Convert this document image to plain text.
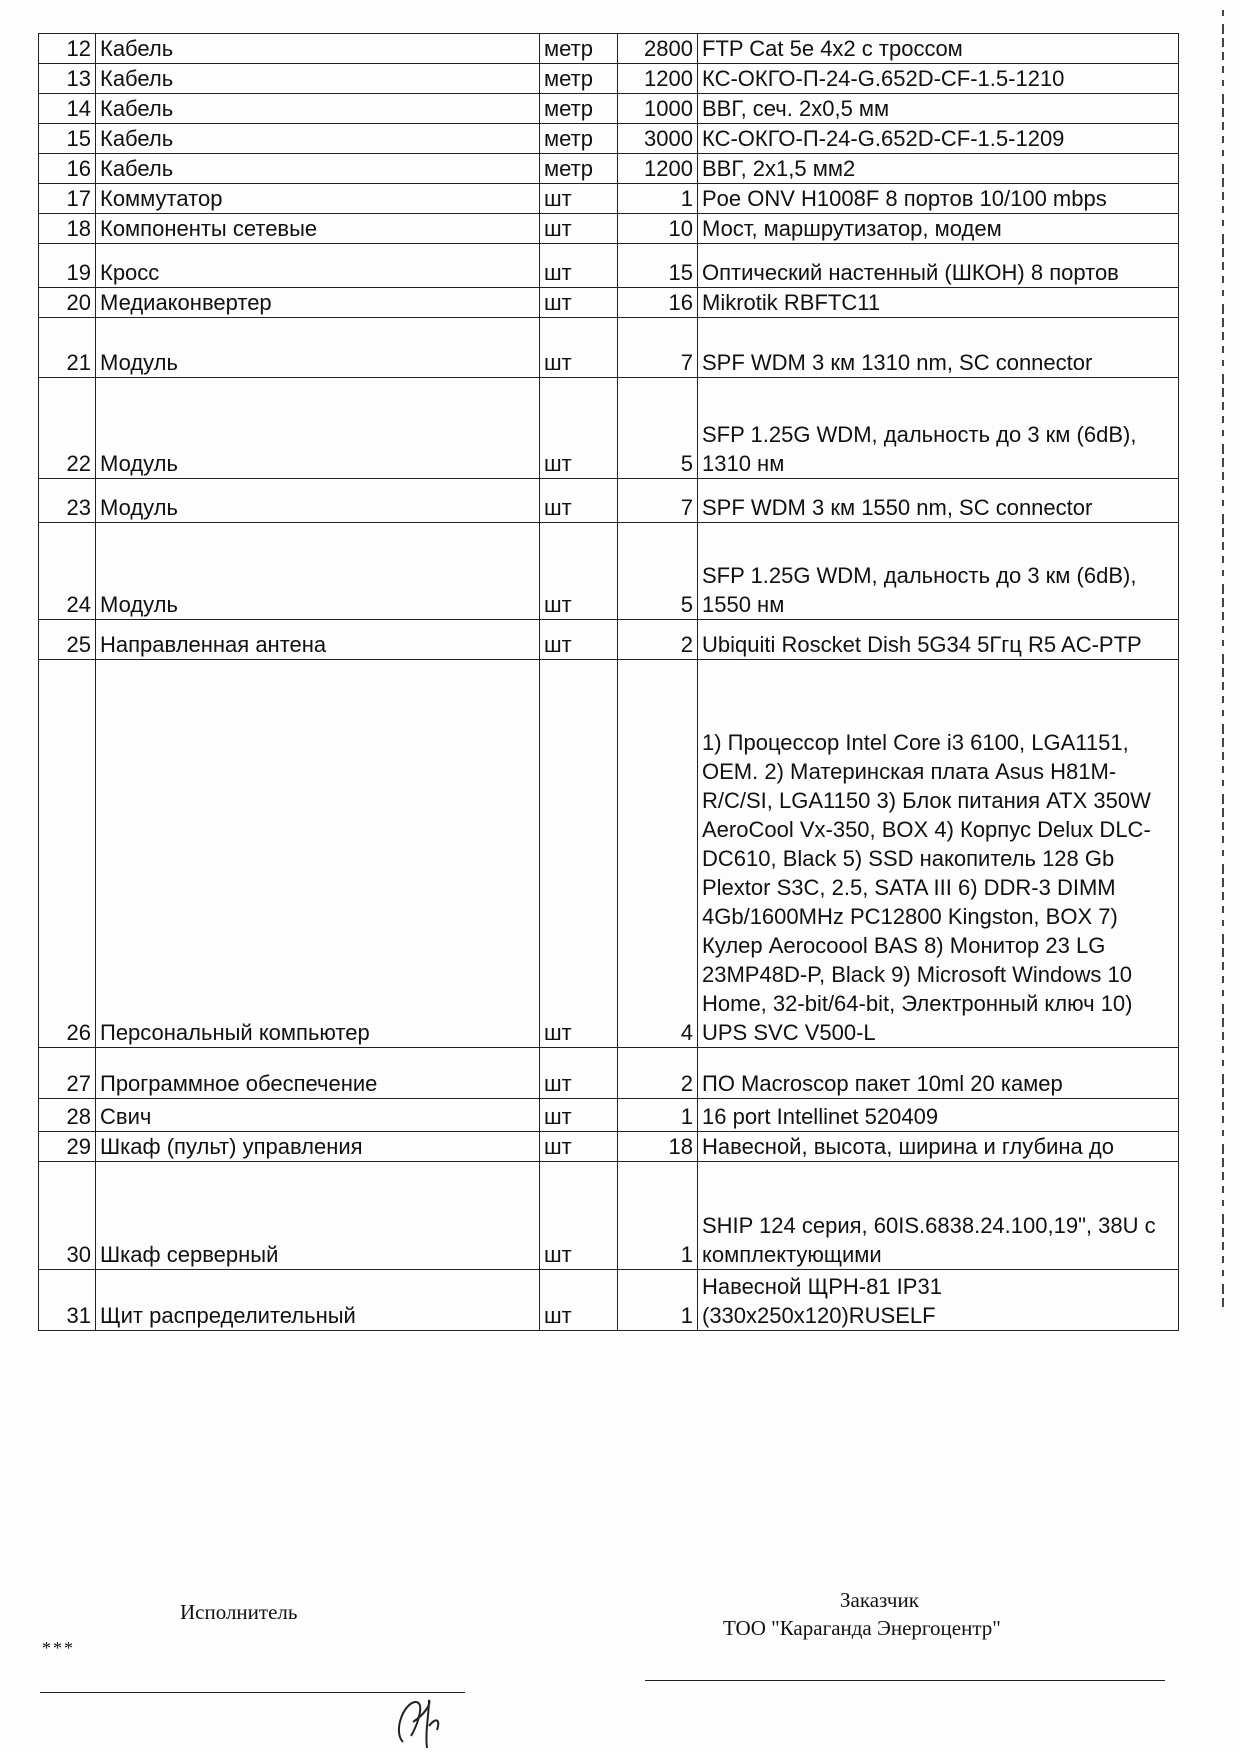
12	Кабель	метр	2800	FTP Cat 5e 4x2 с тросcом
13	Кабель	метр	1200	КС-ОКГО-П-24-G.652D-CF-1.5-1210
14	Кабель	метр	1000	ВВГ, сеч. 2х0,5 мм
15	Кабель	метр	3000	КС-ОКГО-П-24-G.652D-CF-1.5-1209
16	Кабель	метр	1200	ВВГ, 2х1,5 мм2
17	Коммутатор	шт	1	Poe ONV H1008F 8 портов 10/100 mbps
18	Компоненты сетевые	шт	10	Мост, маршрутизатор, модем
19	Кросс	шт	15	Оптический настенный (ШКОН) 8 портов
20	Медиаконвертер	шт	16	Mikrotik RBFTC11
21	Модуль	шт	7	SPF WDM 3 км 1310 nm, SC connector
22	Модуль	шт	5	SFP 1.25G WDM, дальность до 3 км (6dB), 1310 нм
23	Модуль	шт	7	SPF WDM 3 км 1550 nm, SC connector
24	Модуль	шт	5	SFP 1.25G WDM, дальность до 3 км (6dB), 1550 нм
25	Направленная антена	шт	2	Ubiquiti Rosсket Dish 5G34 5Ггц R5 AC-PTP
26	Персональный компьютер	шт	4	1) Процессор Intel Core i3 6100, LGA1151, OEM. 2) Материнская плата Asus H81M-R/C/SI, LGA1150 3) Блок питания ATX 350W AeroCool Vx-350, BOX 4) Корпус Delux DLC-DC610, Black 5) SSD накопитель 128 Gb Plextor S3C, 2.5, SATA III 6) DDR-3 DIMM 4Gb/1600MHz PC12800 Kingston, BOX 7) Кулер Aerocoool BAS 8) Монитор 23 LG 23MP48D-P, Black 9) Microsoft Windows 10 Home, 32-bit/64-bit, Электронный ключ 10) UPS SVC V500-L
27	Программное обеспечение	шт	2	ПО Macroscop пакет 10ml 20 камер
28	Свич	шт	1	16 port Intellinet 520409
29	Шкаф (пульт) управления	шт	18	Навесной, высота, ширина и глубина до
30	Шкаф серверный	шт	1	SHIP 124 серия, 60IS.6838.24.100,19", 38U с комплектующими
31	Щит распределительный	шт	1	Навесной ЩРН-81 IP31 (330х250х120)RUSELF
Исполнитель	Заказчик
ТОО "Караганда Энергоцентр"
***
